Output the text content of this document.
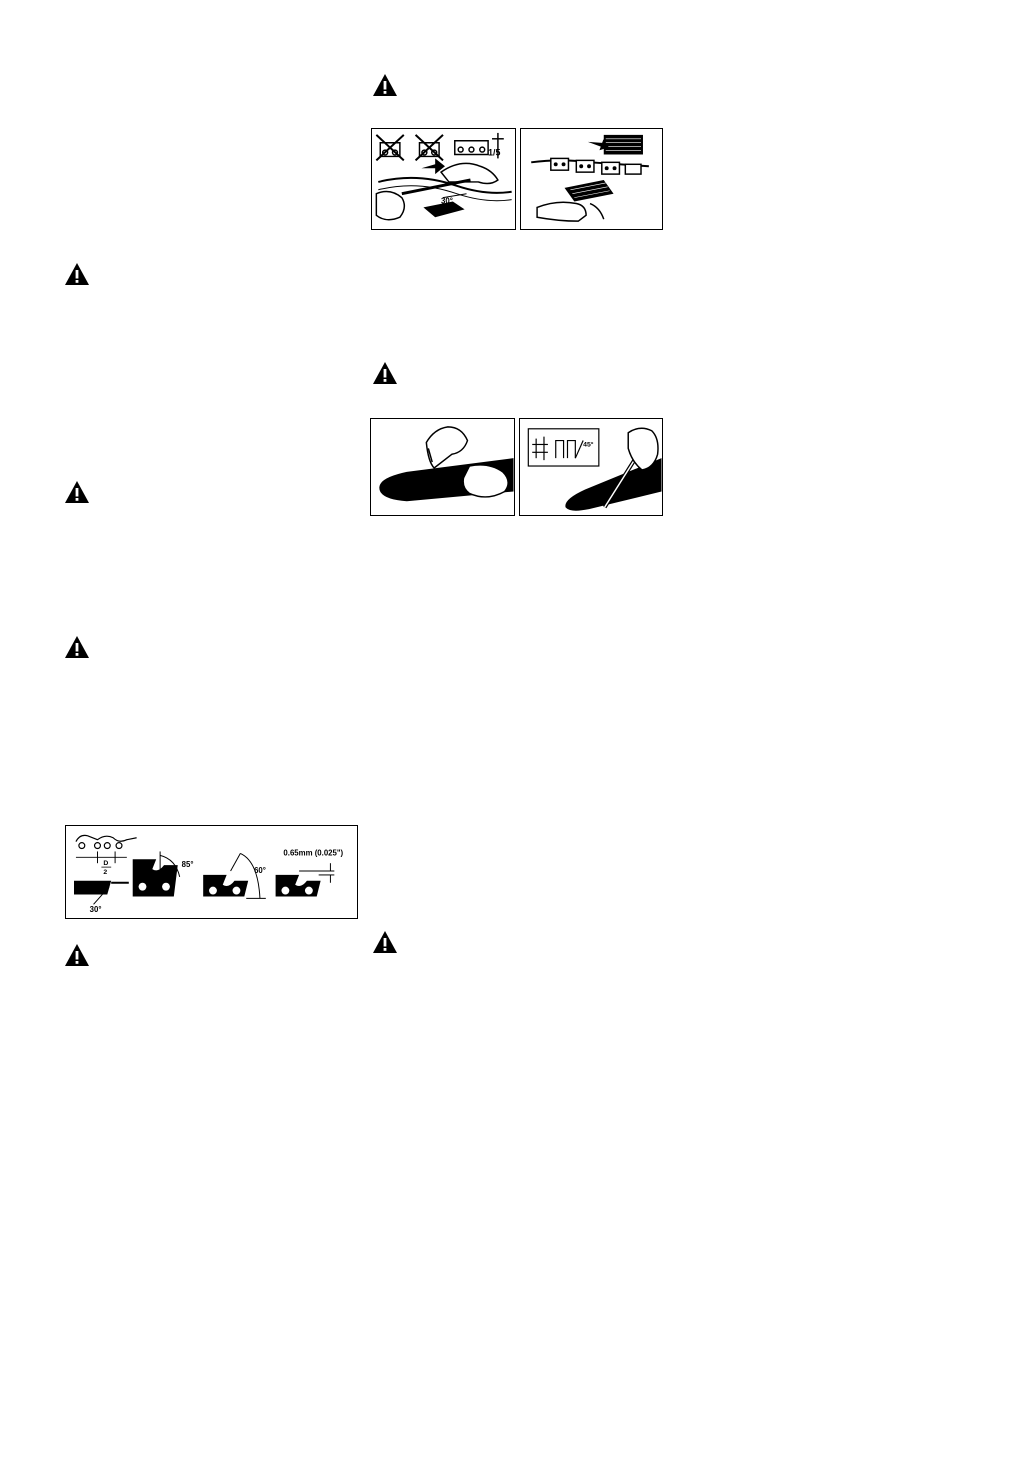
1/5
30°
45°
D
2
30°
85°
60°
0.65mm (0.025")
